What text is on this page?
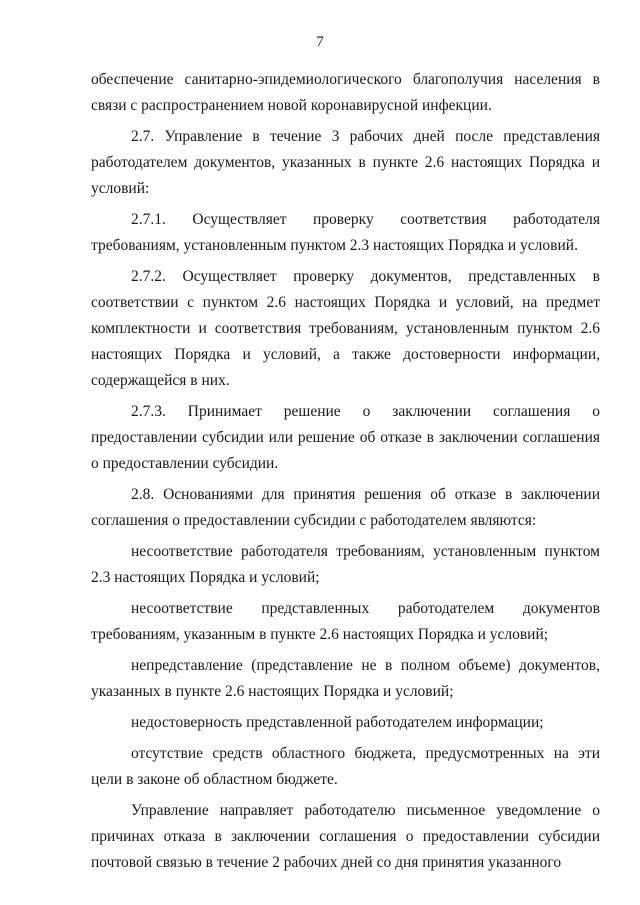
7

обеспечение санитарно-эпидемиологического благополучия населения в связи с распространением новой коронавирусной инфекции.

2.7. Управление в течение 3 рабочих дней после представления работодателем документов, указанных в пункте 2.6 настоящих Порядка и условий:

2.7.1. Осуществляет проверку соответствия работодателя требованиям, установленным пунктом 2.3 настоящих Порядка и условий.

2.7.2. Осуществляет проверку документов, представленных в соответствии с пунктом 2.6 настоящих Порядка и условий, на предмет комплектности и соответствия требованиям, установленным пунктом 2.6 настоящих Порядка и условий, а также достоверности информации, содержащейся в них.

2.7.3. Принимает решение о заключении соглашения о предоставлении субсидии или решение об отказе в заключении соглашения о предоставлении субсидии.

2.8. Основаниями для принятия решения об отказе в заключении соглашения о предоставлении субсидии с работодателем являются:

несоответствие работодателя требованиям, установленным пунктом 2.3 настоящих Порядка и условий;

несоответствие представленных работодателем документов требованиям, указанным в пункте 2.6 настоящих Порядка и условий;

непредставление (представление не в полном объеме) документов, указанных в пункте 2.6 настоящих Порядка и условий;

недостоверность представленной работодателем информации;

отсутствие средств областного бюджета, предусмотренных на эти цели в законе об областном бюджете.

Управление направляет работодателю письменное уведомление о причинах отказа в заключении соглашения о предоставлении субсидии почтовой связью в течение 2 рабочих дней со дня принятия указанного
